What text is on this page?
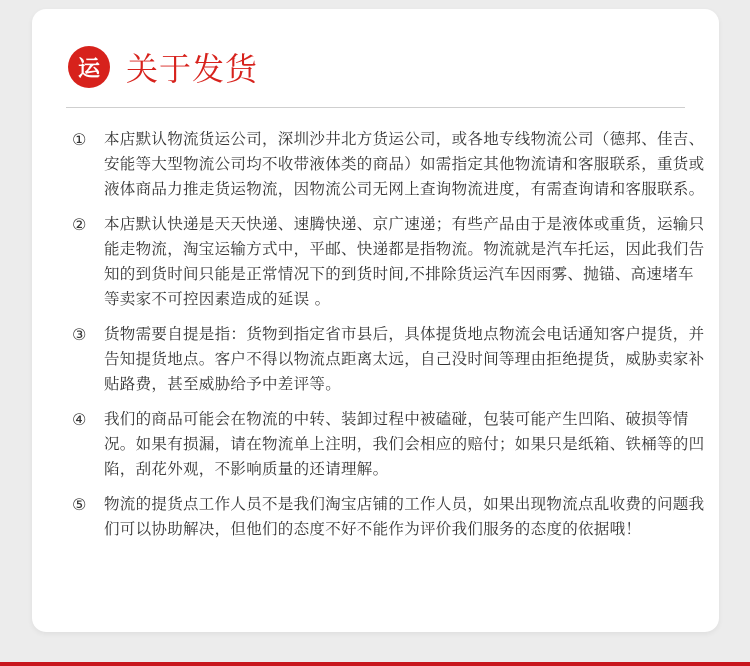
运 关于发货
①	本店默认物流货运公司，深圳沙井北方货运公司，或各地专线物流公司（德邦、佳吉、安能等大型物流公司均不收带液体类的商品）如需指定其他物流请和客服联系，重货或液体商品力推走货运物流，因物流公司无网上查询物流进度，有需查询请和客服联系。
②	本店默认快递是天天快递、速腾快递、京广速递；有些产品由于是液体或重货，运输只能走物流，淘宝运输方式中，平邮、快递都是指物流。物流就是汽车托运，因此我们告知的到货时间只能是正常情况下的到货时间,不排除货运汽车因雨雾、抛锚、高速堵车等卖家不可控因素造成的延误 。
③	货物需要自提是指：货物到指定省市县后，具体提货地点物流会电话通知客户提货，并告知提货地点。客户不得以物流点距离太远，自己没时间等理由拒绝提货，威胁卖家补贴路费，甚至威胁给予中差评等。
④	我们的商品可能会在物流的中转、装卸过程中被磕碰，包装可能产生凹陷、破损等情况。如果有损漏，请在物流单上注明，我们会相应的赔付；如果只是纸箱、铁桶等的凹陷，刮花外观，不影响质量的还请理解。
⑤	物流的提货点工作人员不是我们淘宝店铺的工作人员，如果出现物流点乱收费的问题我们可以协助解决，但他们的态度不好不能作为评价我们服务的态度的依据哦！
